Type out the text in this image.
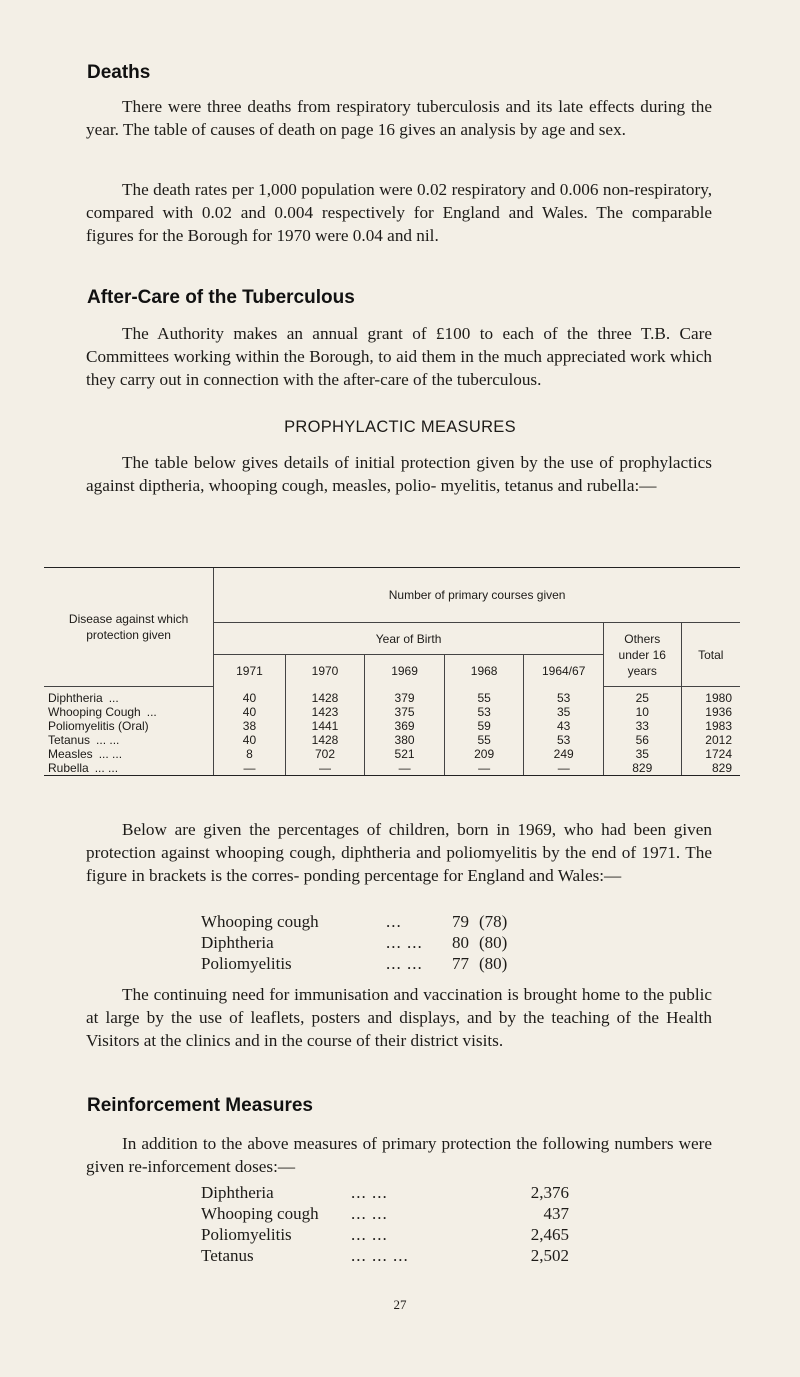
Deaths
There were three deaths from respiratory tuberculosis and its late effects during the year. The table of causes of death on page 16 gives an analysis by age and sex.
The death rates per 1,000 population were 0.02 respiratory and 0.006 non-respiratory, compared with 0.02 and 0.004 respectively for England and Wales. The comparable figures for the Borough for 1970 were 0.04 and nil.
After-Care of the Tuberculous
The Authority makes an annual grant of £100 to each of the three T.B. Care Committees working within the Borough, to aid them in the much appreciated work which they carry out in connection with the after-care of the tuberculous.
PROPHYLACTIC MEASURES
The table below gives details of initial protection given by the use of prophylactics against diptheria, whooping cough, measles, polio- myelitis, tetanus and rubella:—
Disease against which protection given	Number of primary courses given						
	Year of Birth					Others under 16 years	Total
	1971	1970	1969	1968	1964/67		
Diphtheria ...	40	1428	379	55	53	25	1980
Whooping Cough ...	40	1423	375	53	35	10	1936
Poliomyelitis (Oral)	38	1441	369	59	43	33	1983
Tetanus ... ...	40	1428	380	55	53	56	2012
Measles ... ...	8	702	521	209	249	35	1724
Rubella ... ...	—	—	—	—	—	829	829
Below are given the percentages of children, born in 1969, who had been given protection against whooping cough, diphtheria and poliomyelitis by the end of 1971. The figure in brackets is the corres- ponding percentage for England and Wales:—
Whooping cough	...	79 (78)
Diphtheria	... ...	80 (80)
Poliomyelitis	... ...	77 (80)
The continuing need for immunisation and vaccination is brought home to the public at large by the use of leaflets, posters and displays, and by the teaching of the Health Visitors at the clinics and in the course of their district visits.
Reinforcement Measures
In addition to the above measures of primary protection the following numbers were given re-inforcement doses:—
Diphtheria	... ...	2,376
Whooping cough ... ...	437
Poliomyelitis	... ...	2,465
Tetanus	... ... ...	2,502
27
